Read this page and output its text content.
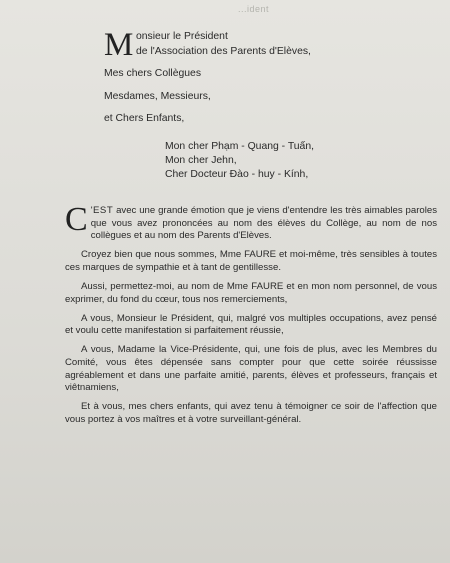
...ident
M onsieur le Président
de l'Association des Parents d'Elèves,
Mes chers Collègues
Mesdames, Messieurs,
et Chers Enfants,
Mon cher Phạm - Quang - Tuấn,
Mon cher Jehn,
Cher Docteur Đào - huy - Kính,

C 'EST avec une grande émotion que je viens d'entendre les très aimables paroles que vous avez prononcées au nom des élèves du Collège, au nom de nos collègues et au nom des Parents d'Elèves.

Croyez bien que nous sommes, Mme FAURE et moi-même, très sensibles à toutes ces marques de sympathie et à tant de gentillesse.

Aussi, permettez-moi, au nom de Mme FAURE et en mon nom personnel, de vous exprimer, du fond du cœur, tous nos remerciements,

A vous, Monsieur le Président, qui, malgré vos multiples occupations, avez pensé et voulu cette manifestation si parfaitement réussie,

A vous, Madame la Vice-Présidente, qui, une fois de plus, avec les Membres du Comité, vous êtes dépensée sans compter pour que cette soirée réussisse agréablement et dans une parfaite amitié, parents, élèves et professeurs, français et viêtnamiens,

Et à vous, mes chers enfants, qui avez tenu à témoigner ce soir de l'affection que vous portez à vos maîtres et à votre surveillant-général.
